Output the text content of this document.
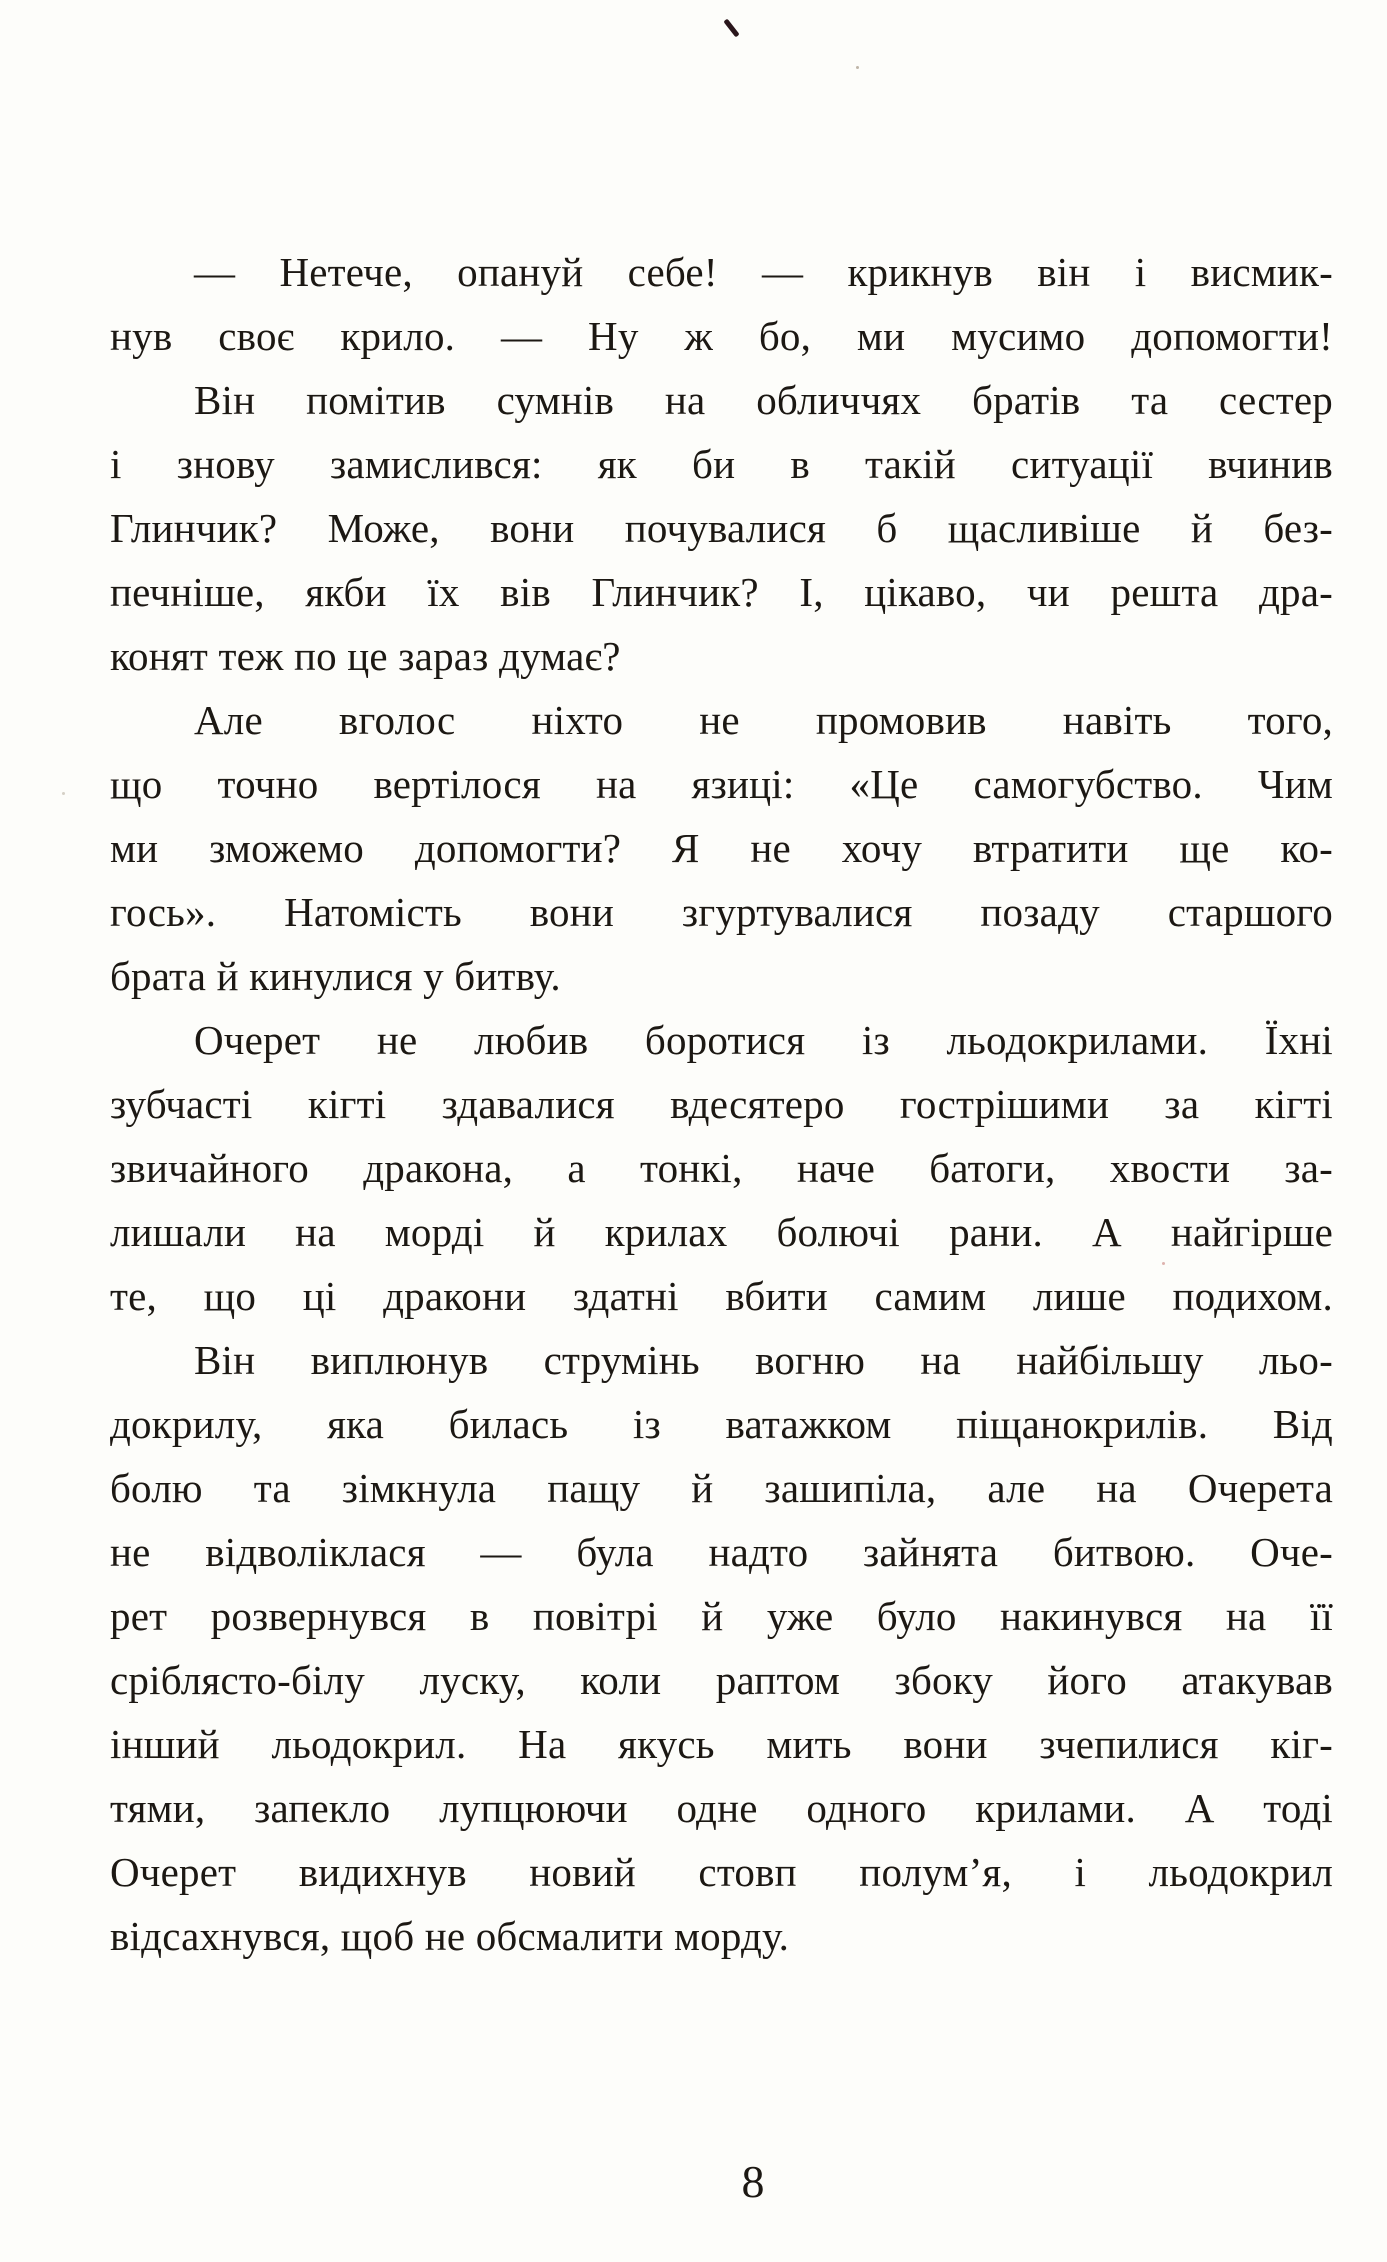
— Нетече, опануй себе! — крикнув він і висмик-
нув своє крило. — Ну ж бо, ми мусимо допомогти!
Він помітив сумнів на обличчях братів та сестер
і знову замислився: як би в такій ситуації вчинив
Глинчик? Може, вони почувалися б щасливіше й без-
печніше, якби їх вів Глинчик? І, цікаво, чи решта дра-
конят теж по це зараз думає?
Але вголос ніхто не промовив навіть того,
що точно вертілося на язиці: «Це самогубство. Чим
ми зможемо допомогти? Я не хочу втратити ще ко-
гось». Натомість вони згуртувалися позаду старшого
брата й кинулися у битву.
Очерет не любив боротися із льодокрилами. Їхні
зубчасті кігті здавалися вдесятеро гострішими за кігті
звичайного дракона, а тонкі, наче батоги, хвости за-
лишали на морді й крилах болючі рани. А найгірше
те, що ці дракони здатні вбити самим лише подихом.
Він виплюнув струмінь вогню на найбільшу льо-
докрилу, яка билась із ватажком піщанокрилів. Від
болю та зімкнула пащу й зашипіла, але на Очерета
не відволіклася — була надто зайнята битвою. Оче-
рет розвернувся в повітрі й уже було накинувся на її
сріблясто-білу луску, коли раптом збоку його атакував
інший льодокрил. На якусь мить вони зчепилися кіг-
тями, запекло лупцюючи одне одного крилами. А тоді
Очерет видихнув новий стовп полум’я, і льодокрил
відсахнувся, щоб не обсмалити морду.
8
